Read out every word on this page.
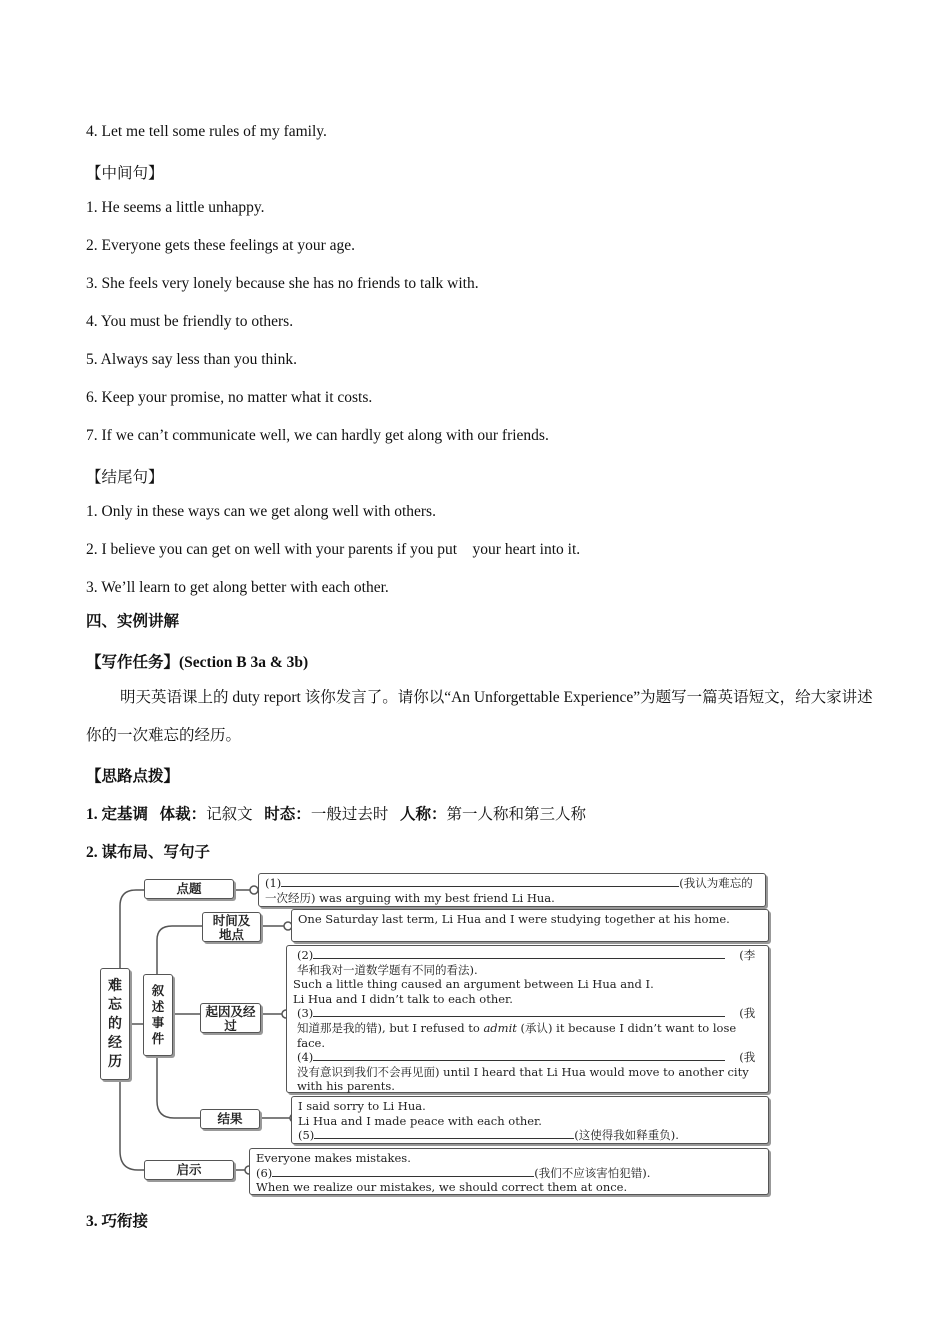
4. Let me tell some rules of my family.
【中间句】
1. He seems a little unhappy.
2. Everyone gets these feelings at your age.
3. She feels very lonely because she has no friends to talk with.
4. You must be friendly to others.
5. Always say less than you think.
6. Keep your promise, no matter what it costs.
7. If we can’t communicate well, we can hardly get along with our friends.
【结尾句】
1. Only in these ways can we get along well with others.
2. I believe you can get on well with your parents if you put    your heart into it.
3. We’ll learn to get along better with each other.
四、实例讲解
【写作任务】(Section B 3a & 3b)
明天英语课上的 duty report 该你发言了。请你以“An Unforgettable Experience”为题写一篇英语短文，给大家讲述你的一次难忘的经历。
【思路点拨】
1. 定基调 体裁：记叙文 时态：一般过去时 人称：第一人称和第三人称
2. 谋布局、写句子
难忘的经历
叙述事件
点题
时间及地点
起因及经过
结果
启示
(1)	(我认为难忘的一次经历) was arguing with my best friend Li Hua.
One Saturday last term, Li Hua and I were studying together at his home.
(2)	(李华和我对一道数学题有不同的看法).
Such a little thing caused an argument between Li Hua and I.
Li Hua and I didn’t talk to each other.
(3)	(我知道那是我的错), but I refused to admit (承认) it because I didn’t want to lose face.
(4)	(我没有意识到我们不会再见面) until I heard that Li Hua would move to another city with his parents.
I said sorry to Li Hua.
Li Hua and I made peace with each other.
(5)	(这使得我如释重负).
Everyone makes mistakes.
(6)	(我们不应该害怕犯错).
When we realize our mistakes, we should correct them at once.
3. 巧衔接
